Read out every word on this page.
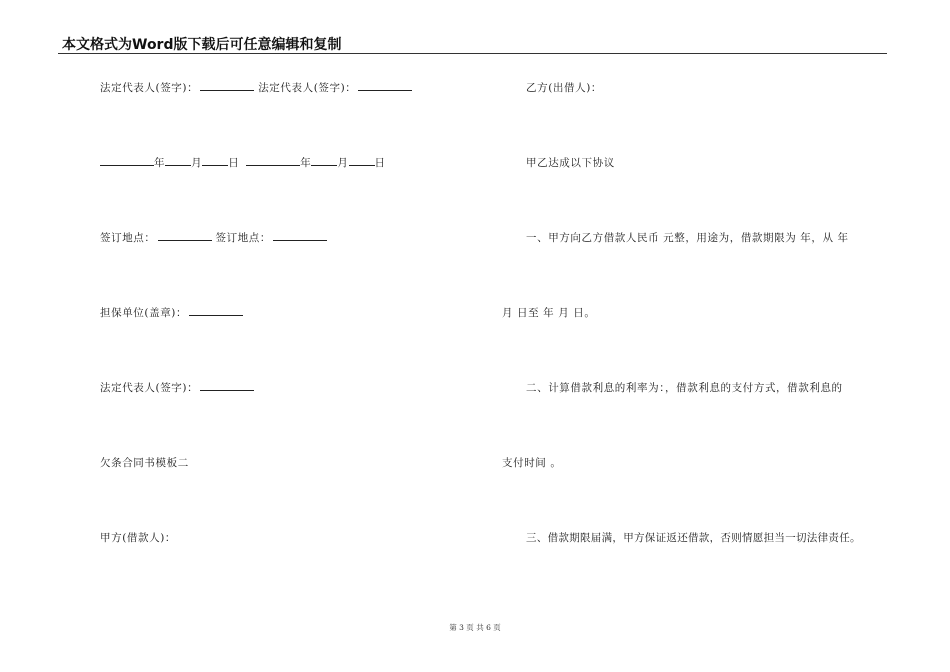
本文格式为Word版下载后可任意编辑和复制
法定代表人(签字)：	法定代表人(签字)：
年 月 日	年 月 日
签订地点：	签订地点：
担保单位(盖章)：
法定代表人(签字)：
欠条合同书模板二
甲方(借款人)：
乙方(出借人)：
甲乙达成以下协议
一、甲方向乙方借款人民币 元整，用途为，借款期限为 年，从 年
月 日至 年 月 日。
二、计算借款利息的利率为：，借款利息的支付方式，借款利息的
支付时间 。
三、借款期限届满，甲方保证返还借款，否则情愿担当一切法律责任。
第 3 页 共 6 页
